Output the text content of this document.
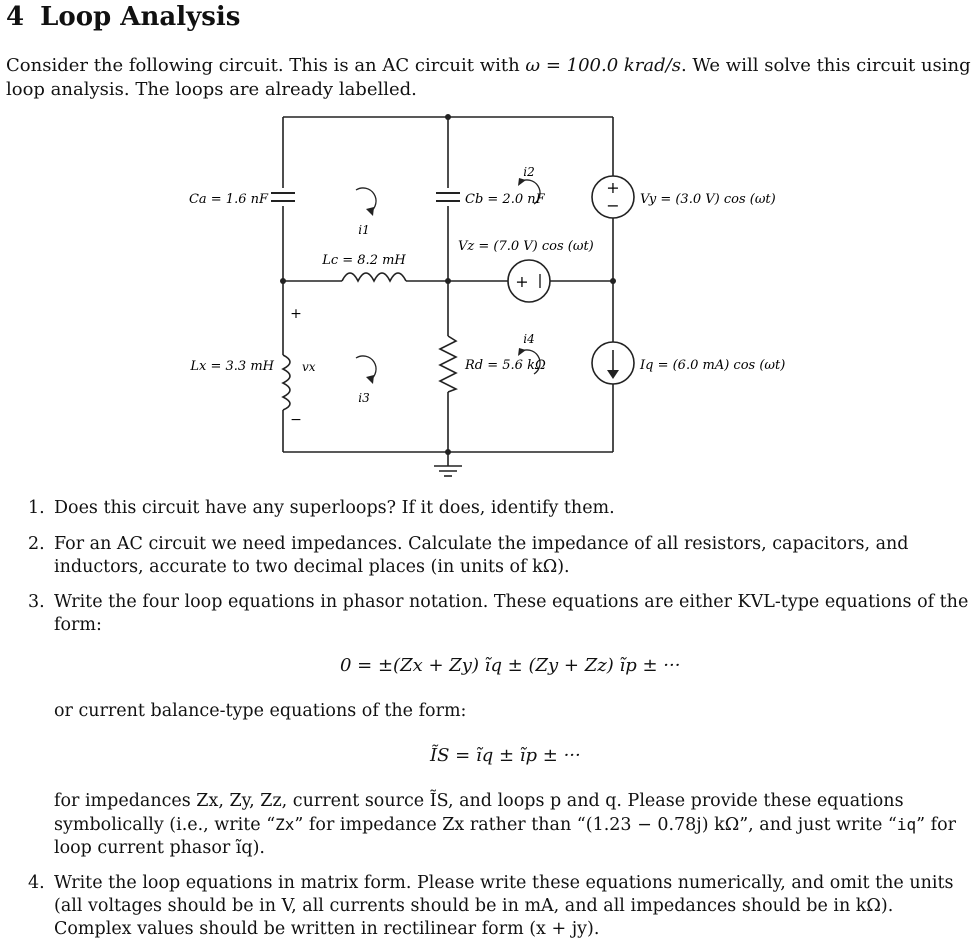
4 Loop Analysis
Consider the following circuit. This is an AC circuit with ω = 100.0 krad/s. We will solve this circuit using loop analysis. The loops are already labelled.
+
−
+
Ca = 1.6 nF	Cb = 2.0 nF
Lc = 8.2 mH
Lx = 3.3 mH vx
+
−
Rd = 5.6 kΩ
Vy = (3.0 V) cos (ωt)
Vz = (7.0 V) cos (ωt)
Iq = (6.0 mA) cos (ωt)
i1
i2
i3
i4
1. Does this circuit have any superloops? If it does, identify them.
2. For an AC circuit we need impedances. Calculate the impedance of all resistors, capacitors, and inductors, accurate to two decimal places (in units of kΩ).
3. Write the four loop equations in phasor notation. These equations are either KVL-type equations of the form:
0 = ±(Zx + Zy) ĩq ± (Zy + Zz) ĩp ± ···
or current balance-type equations of the form:
ĨS = ĩq ± ĩp ± ···
for impedances Zx, Zy, Zz, current source ĨS, and loops p and q. Please provide these equations symbolically (i.e., write “Zx” for impedance Zx rather than “(1.23 − 0.78j) kΩ”, and just write “iq” for loop current phasor ĩq).
4. Write the loop equations in matrix form. Please write these equations numerically, and omit the units (all voltages should be in V, all currents should be in mA, and all impedances should be in kΩ). Complex values should be written in rectilinear form (x + jy).
